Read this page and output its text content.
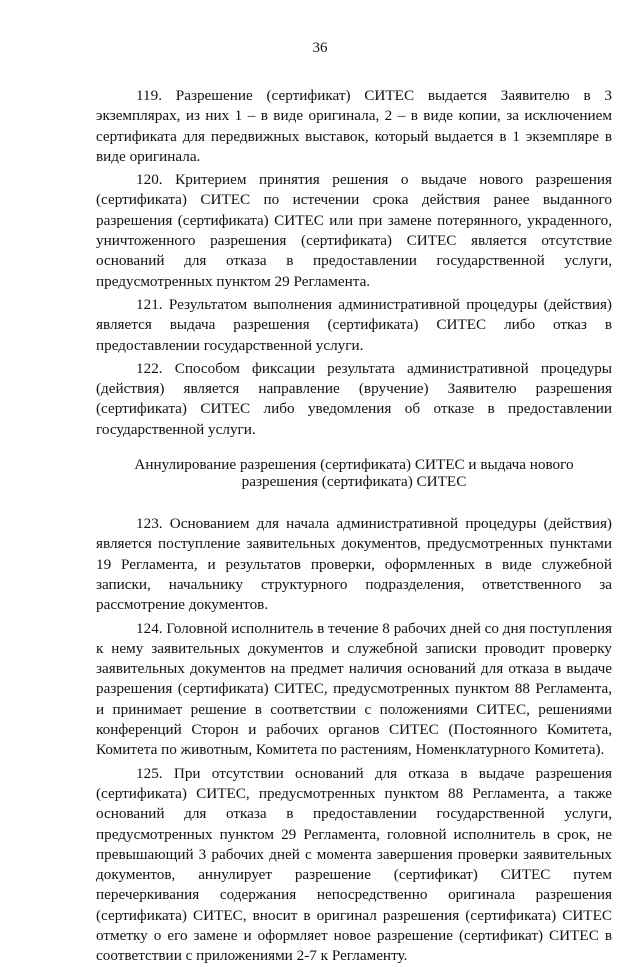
36

119. Разрешение (сертификат) СИТЕС выдается Заявителю в 3 экземплярах, из них 1 – в виде оригинала, 2 – в виде копии, за исключением сертификата для передвижных выставок, который выдается в 1 экземпляре в виде оригинала.

120. Критерием принятия решения о выдаче нового разрешения (сертификата) СИТЕС по истечении срока действия ранее выданного разрешения (сертификата) СИТЕС или при замене потерянного, украденного, уничтоженного разрешения (сертификата) СИТЕС является отсутствие оснований для отказа в предоставлении государственной услуги, предусмотренных пунктом 29 Регламента.

121. Результатом выполнения административной процедуры (действия) является выдача разрешения (сертификата) СИТЕС либо отказ в предоставлении государственной услуги.

122. Способом фиксации результата административной процедуры (действия) является направление (вручение) Заявителю разрешения (сертификата) СИТЕС либо уведомления об отказе в предоставлении государственной услуги.

Аннулирование разрешения (сертификата) СИТЕС и выдача нового разрешения (сертификата) СИТЕС

123. Основанием для начала административной процедуры (действия) является поступление заявительных документов, предусмотренных пунктами 19 Регламента, и результатов проверки, оформленных в виде служебной записки, начальнику структурного подразделения, ответственного за рассмотрение документов.

124. Головной исполнитель в течение 8 рабочих дней со дня поступления к нему заявительных документов и служебной записки проводит проверку заявительных документов на предмет наличия оснований для отказа в выдаче разрешения (сертификата) СИТЕС, предусмотренных пунктом 88 Регламента, и принимает решение в соответствии с положениями СИТЕС, решениями конференций Сторон и рабочих органов СИТЕС (Постоянного Комитета, Комитета по животным, Комитета по растениям, Номенклатурного Комитета).

125. При отсутствии оснований для отказа в выдаче разрешения (сертификата) СИТЕС, предусмотренных пунктом 88 Регламента, а также оснований для отказа в предоставлении государственной услуги, предусмотренных пунктом 29 Регламента, головной исполнитель в срок, не превышающий 3 рабочих дней с момента завершения проверки заявительных документов, аннулирует разрешение (сертификат) СИТЕС путем перечеркивания содержания непосредственно оригинала разрешения (сертификата) СИТЕС, вносит в оригинал разрешения (сертификата) СИТЕС отметку о его замене и оформляет новое разрешение (сертификат) СИТЕС в соответствии с приложениями 2-7 к Регламенту.
